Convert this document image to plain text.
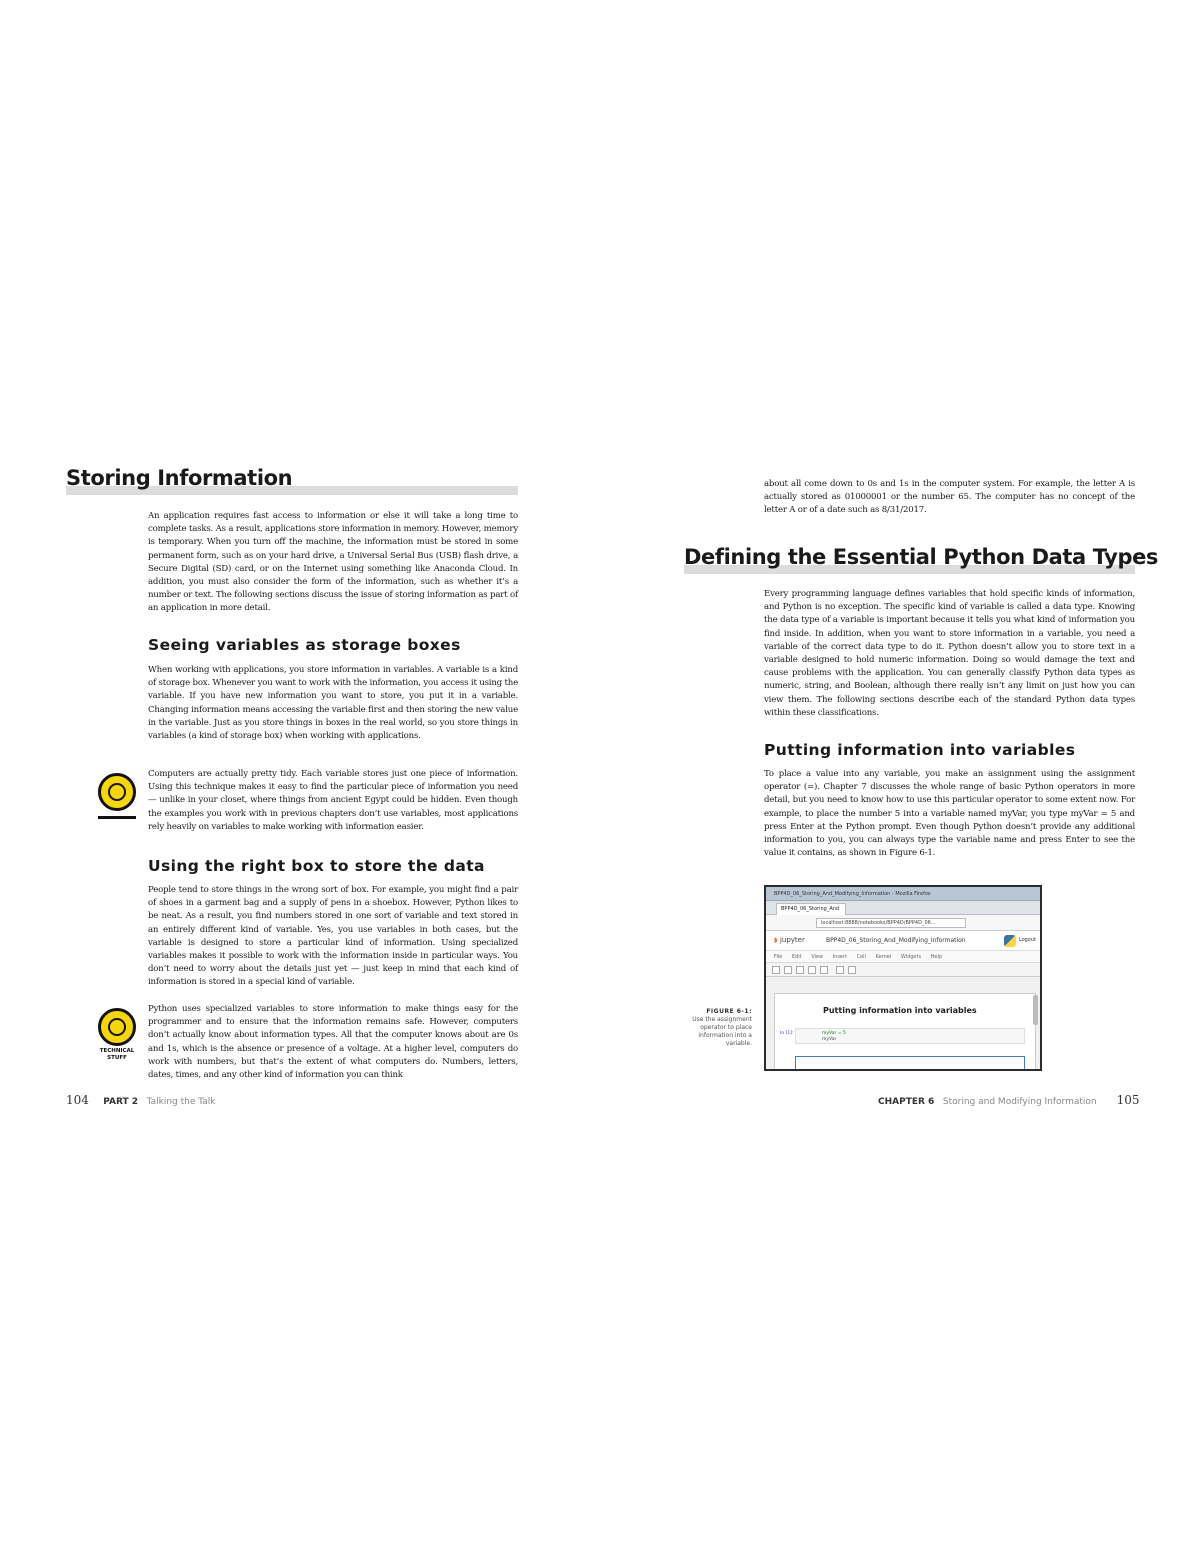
Storing Information
An application requires fast access to information or else it will take a long time to complete tasks. As a result, applications store information in memory. However, memory is temporary. When you turn off the machine, the information must be stored in some permanent form, such as on your hard drive, a Universal Serial Bus (USB) flash drive, a Secure Digital (SD) card, or on the Internet using something like Anaconda Cloud. In addition, you must also consider the form of the information, such as whether it’s a number or text. The following sections discuss the issue of storing information as part of an application in more detail.
Seeing variables as storage boxes
When working with applications, you store information in variables. A variable is a kind of storage box. Whenever you want to work with the information, you access it using the variable. If you have new information you want to store, you put it in a variable. Changing information means accessing the variable first and then storing the new value in the variable. Just as you store things in boxes in the real world, so you store things in variables (a kind of storage box) when working with applications.
Computers are actually pretty tidy. Each variable stores just one piece of information. Using this technique makes it easy to find the particular piece of information you need — unlike in your closet, where things from ancient Egypt could be hidden. Even though the examples you work with in previous chapters don’t use variables, most applications rely heavily on variables to make working with information easier.
Using the right box to store the data
People tend to store things in the wrong sort of box. For example, you might find a pair of shoes in a garment bag and a supply of pens in a shoebox. However, Python likes to be neat. As a result, you find numbers stored in one sort of variable and text stored in an entirely different kind of variable. Yes, you use variables in both cases, but the variable is designed to store a particular kind of information. Using specialized variables makes it possible to work with the information inside in particular ways. You don’t need to worry about the details just yet — just keep in mind that each kind of information is stored in a special kind of variable.
TECHNICAL STUFF
Python uses specialized variables to store information to make things easy for the programmer and to ensure that the information remains safe. However, computers don’t actually know about information types. All that the computer knows about are 0s and 1s, which is the absence or presence of a voltage. At a higher level, computers do work with numbers, but that’s the extent of what computers do. Numbers, letters, dates, times, and any other kind of information you can think
104 PART 2 Talking the Talk
about all come down to 0s and 1s in the computer system. For example, the letter A is actually stored as 01000001 or the number 65. The computer has no concept of the letter A or of a date such as 8/31/2017.
Defining the Essential Python Data Types
Every programming language defines variables that hold specific kinds of information, and Python is no exception. The specific kind of variable is called a data type. Knowing the data type of a variable is important because it tells you what kind of information you find inside. In addition, when you want to store information in a variable, you need a variable of the correct data type to do it. Python doesn’t allow you to store text in a variable designed to hold numeric information. Doing so would damage the text and cause problems with the application. You can generally classify Python data types as numeric, string, and Boolean, although there really isn’t any limit on just how you can view them. The following sections describe each of the standard Python data types within these classifications.
Putting information into variables
To place a value into any variable, you make an assignment using the assignment operator (=). Chapter 7 discusses the whole range of basic Python operators in more detail, but you need to know how to use this particular operator to some extent now. For example, to place the number 5 into a variable named myVar, you type myVar = 5 and press Enter at the Python prompt. Even though Python doesn’t provide any additional information to you, you can always type the variable name and press Enter to see the value it contains, as shown in Figure 6-1.
FIGURE 6-1:
Use the assignment operator to place information into a variable.
BPP4D_06_Storing_And_Modifying_Information - Mozilla Firefox
BPP4D_06_Storing_And
localhost:8888/notebooks/BPP4D/BPP4D_06...
◗ jupyter	BPP4D_06_Storing_And_Modifying_Information	Logout
File Edit View Insert Cell Kernel Widgets Help
Putting information into variables
In [1]:	myVar = 5
myVar
CHAPTER 6 Storing and Modifying Information 105
